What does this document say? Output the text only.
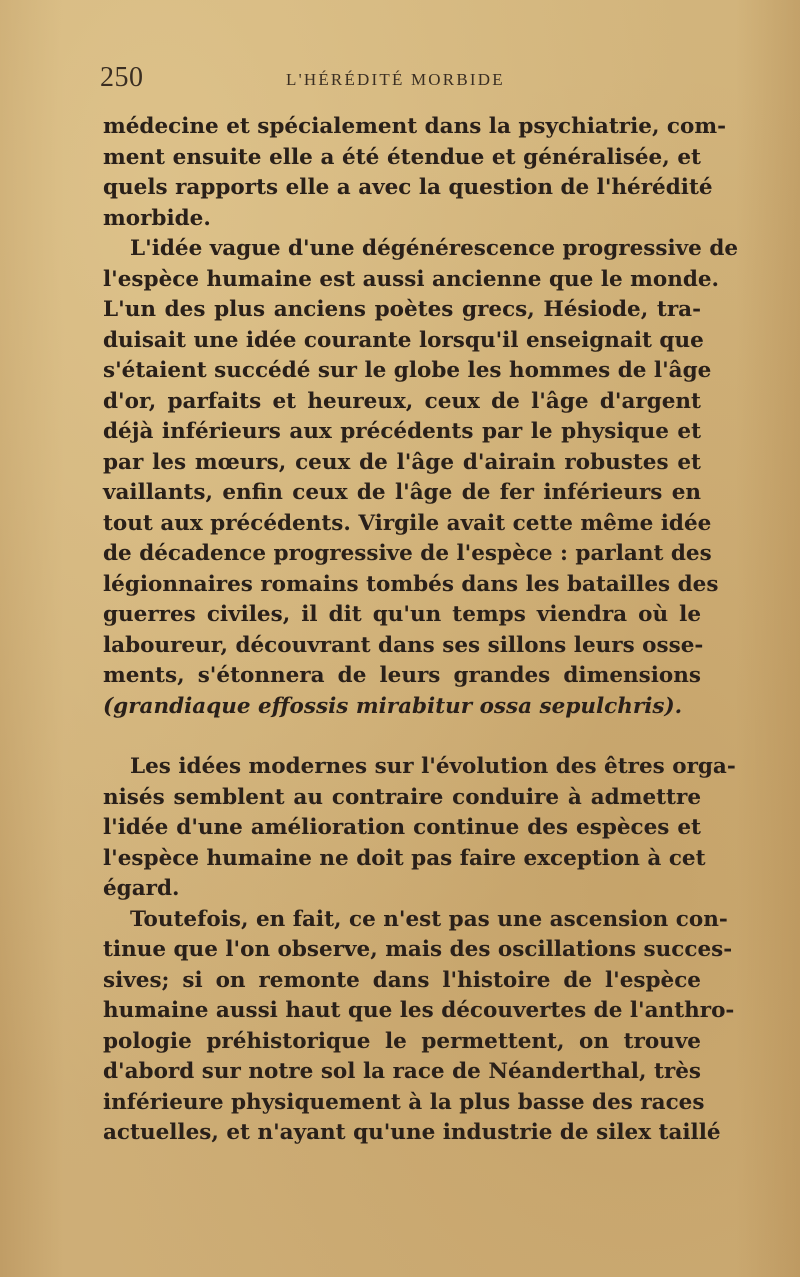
250	L'HÉRÉDITÉ MORBIDE
médecine et spécialement dans la psychiatrie, com-
ment ensuite elle a été étendue et généralisée, et
quels rapports elle a avec la question de l'hérédité
morbide.
L'idée vague d'une dégénérescence progressive de
l'espèce humaine est aussi ancienne que le monde.
L'un des plus anciens poètes grecs, Hésiode, tra-
duisait une idée courante lorsqu'il enseignait que
s'étaient succédé sur le globe les hommes de l'âge
d'or, parfaits et heureux, ceux de l'âge d'argent
déjà inférieurs aux précédents par le physique et
par les mœurs, ceux de l'âge d'airain robustes et
vaillants, enfin ceux de l'âge de fer inférieurs en
tout aux précédents. Virgile avait cette même idée
de décadence progressive de l'espèce : parlant des
légionnaires romains tombés dans les batailles des
guerres civiles, il dit qu'un temps viendra où le
laboureur, découvrant dans ses sillons leurs osse-
ments, s'étonnera de leurs grandes dimensions
(grandiaque effossis mirabitur ossa sepulchris).
Les idées modernes sur l'évolution des êtres orga-
nisés semblent au contraire conduire à admettre
l'idée d'une amélioration continue des espèces et
l'espèce humaine ne doit pas faire exception à cet
égard.
Toutefois, en fait, ce n'est pas une ascension con-
tinue que l'on observe, mais des oscillations succes-
sives; si on remonte dans l'histoire de l'espèce
humaine aussi haut que les découvertes de l'anthro-
pologie préhistorique le permettent, on trouve
d'abord sur notre sol la race de Néanderthal, très
inférieure physiquement à la plus basse des races
actuelles, et n'ayant qu'une industrie de silex taillé
